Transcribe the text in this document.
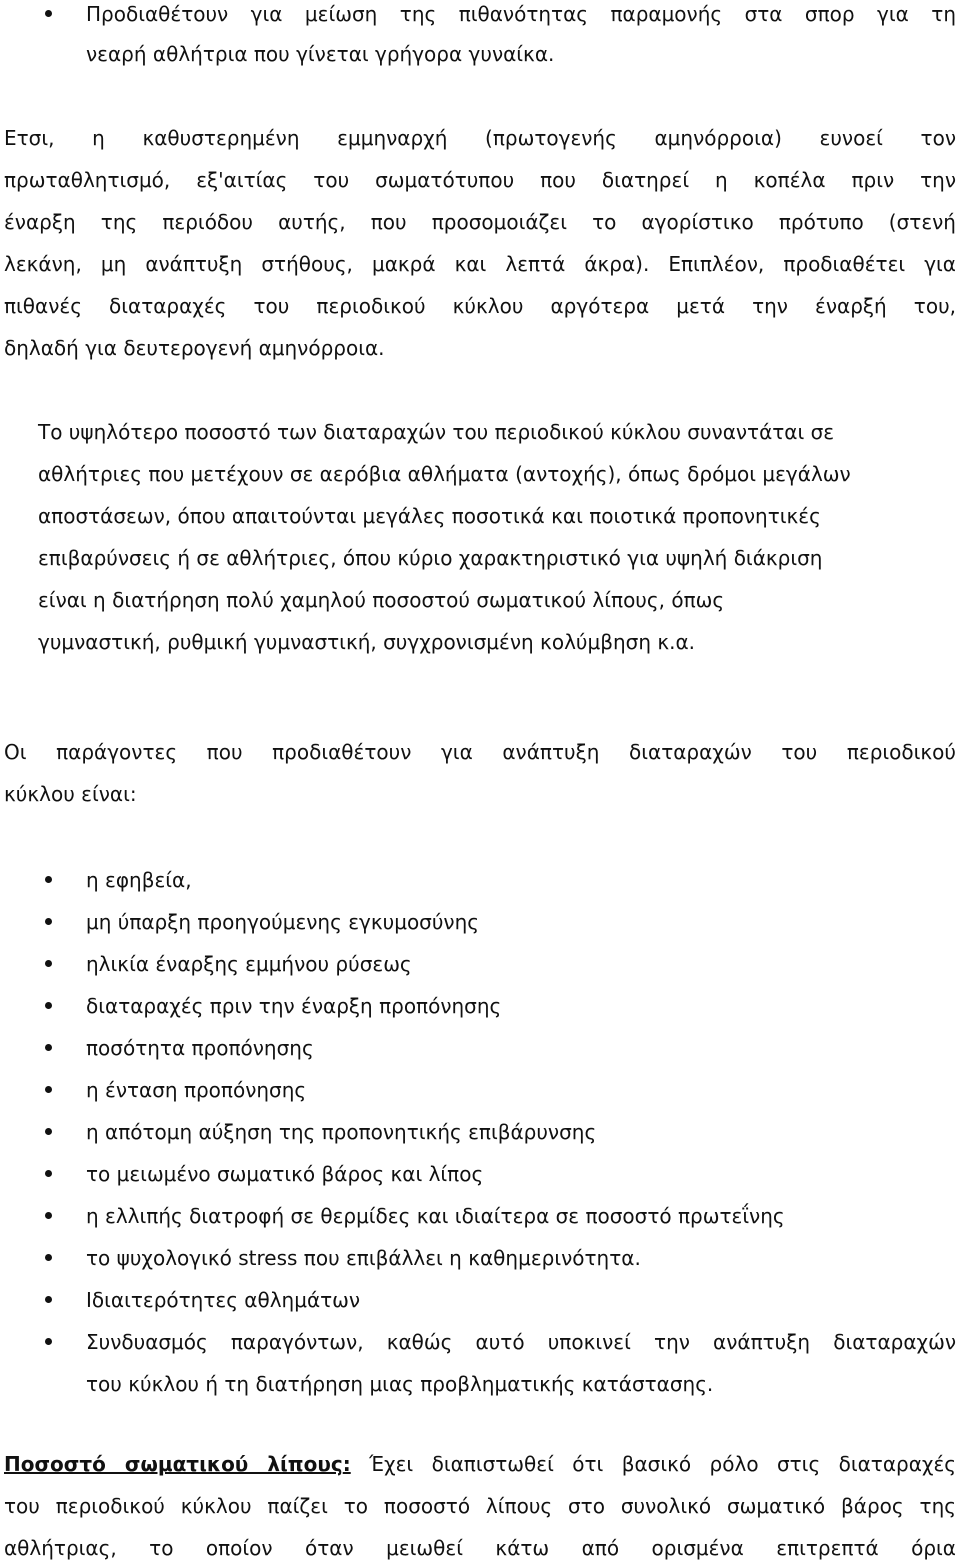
Προδιαθέτουν για μείωση της πιθανότητας παραμονής στα σπορ για τη
νεαρή αθλήτρια που γίνεται γρήγορα γυναίκα.
Ετσι, η καθυστερημένη εμμηναρχή (πρωτογενής αμηνόρροια) ευνοεί τον
πρωταθλητισμό, εξ'αιτίας του σωματότυπου που διατηρεί η κοπέλα πριν την
έναρξη της περιόδου αυτής, που προσομοιάζει το αγορίστικο πρότυπο (στενή
λεκάνη, μη ανάπτυξη στήθους, μακρά και λεπτά άκρα). Επιπλέον, προδιαθέτει για
πιθανές διαταραχές του περιοδικού κύκλου αργότερα μετά την έναρξή του,
δηλαδή για δευτερογενή αμηνόρροια.
Το υψηλότερο ποσοστό των διαταραχών του περιοδικού κύκλου συναντάται σε
αθλήτριες που μετέχουν σε αερόβια αθλήματα (αντοχής), όπως δρόμοι μεγάλων
αποστάσεων, όπου απαιτούνται μεγάλες ποσοτικά και ποιοτικά προπονητικές
επιβαρύνσεις ή σε αθλήτριες, όπου κύριο χαρακτηριστικό για υψηλή διάκριση
είναι η διατήρηση πολύ χαμηλού ποσοστού σωματικού λίπους, όπως
γυμναστική, ρυθμική γυμναστική, συγχρονισμένη κολύμβηση κ.α.
Οι παράγοντες που προδιαθέτουν για ανάπτυξη διαταραχών του περιοδικού
κύκλου είναι:
η εφηβεία,
μη ύπαρξη προηγούμενης εγκυμοσύνης
ηλικία έναρξης εμμήνου ρύσεως
διαταραχές πριν την έναρξη προπόνησης
ποσότητα προπόνησης
η ένταση προπόνησης
η απότομη αύξηση της προπονητικής επιβάρυνσης
το μειωμένο σωματικό βάρος και λίπος
η ελλιπής διατροφή σε θερμίδες και ιδιαίτερα σε ποσοστό πρωτεΐνης
το ψυχολογικό stress που επιβάλλει η καθημερινότητα.
Ιδιαιτερότητες αθλημάτων
Συνδυασμός παραγόντων, καθώς αυτό υποκινεί την ανάπτυξη διαταραχών
του κύκλου ή τη διατήρηση μιας προβληματικής κατάστασης.
Ποσοστό σωματικού λίπους: Έχει διαπιστωθεί ότι βασικό ρόλο στις διαταραχές
του περιοδικού κύκλου παίζει το ποσοστό λίπους στο συνολικό σωματικό βάρος της
αθλήτριας, το οποίον όταν μειωθεί κάτω από ορισμένα επιτρεπτά όρια
